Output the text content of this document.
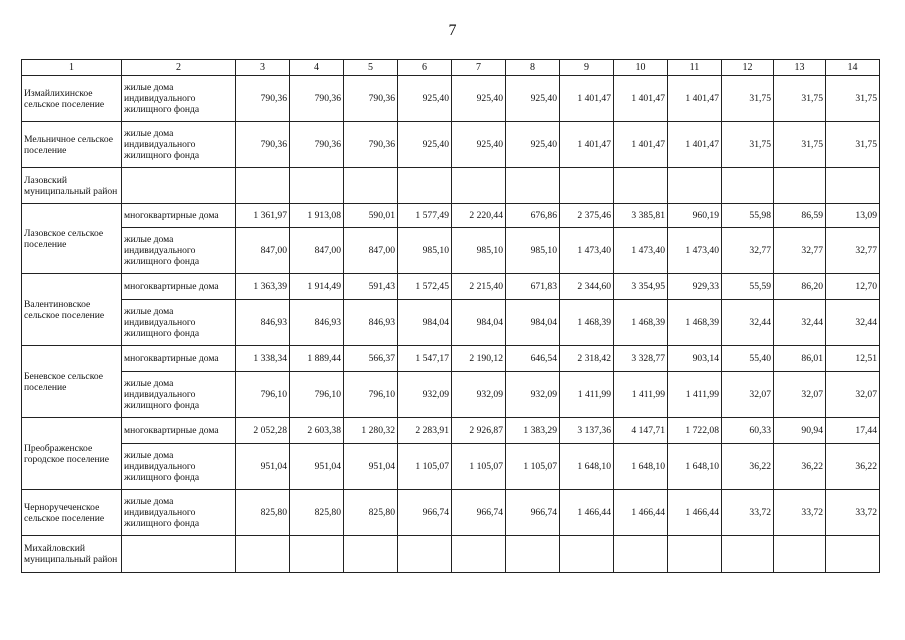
7
1	2	3	4	5	6	7	8	9	10	11	12	13	14
Измайлихинское сельское поселение	жилые дома индивидуального жилищного фонда	790,36	790,36	790,36	925,40	925,40	925,40	1 401,47	1 401,47	1 401,47	31,75	31,75	31,75
Мельничное сельское поселение	жилые дома индивидуального жилищного фонда	790,36	790,36	790,36	925,40	925,40	925,40	1 401,47	1 401,47	1 401,47	31,75	31,75	31,75
Лазовский муниципальный район													
Лазовское сельское поселение	многоквартирные дома	1 361,97	1 913,08	590,01	1 577,49	2 220,44	676,86	2 375,46	3 385,81	960,19	55,98	86,59	13,09
	жилые дома индивидуального жилищного фонда	847,00	847,00	847,00	985,10	985,10	985,10	1 473,40	1 473,40	1 473,40	32,77	32,77	32,77
Валентиновское сельское поселение	многоквартирные дома	1 363,39	1 914,49	591,43	1 572,45	2 215,40	671,83	2 344,60	3 354,95	929,33	55,59	86,20	12,70
	жилые дома индивидуального жилищного фонда	846,93	846,93	846,93	984,04	984,04	984,04	1 468,39	1 468,39	1 468,39	32,44	32,44	32,44
Беневское сельское поселение	многоквартирные дома	1 338,34	1 889,44	566,37	1 547,17	2 190,12	646,54	2 318,42	3 328,77	903,14	55,40	86,01	12,51
	жилые дома индивидуального жилищного фонда	796,10	796,10	796,10	932,09	932,09	932,09	1 411,99	1 411,99	1 411,99	32,07	32,07	32,07
Преображенское городское поселение	многоквартирные дома	2 052,28	2 603,38	1 280,32	2 283,91	2 926,87	1 383,29	3 137,36	4 147,71	1 722,08	60,33	90,94	17,44
	жилые дома индивидуального жилищного фонда	951,04	951,04	951,04	1 105,07	1 105,07	1 105,07	1 648,10	1 648,10	1 648,10	36,22	36,22	36,22
Черноручеченское сельское поселение	жилые дома индивидуального жилищного фонда	825,80	825,80	825,80	966,74	966,74	966,74	1 466,44	1 466,44	1 466,44	33,72	33,72	33,72
Михайловский муниципальный район													
